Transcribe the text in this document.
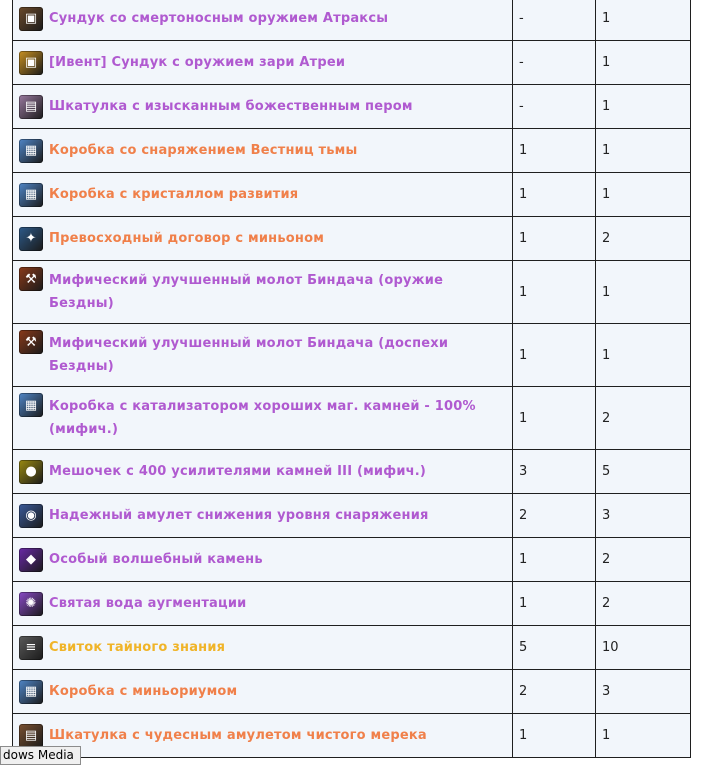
▣ Сундук со смертоносным оружием Атраксы	-	1

▣ [Ивент] Сундук с оружием зари Атреи	-	1

▤ Шкатулка с изысканным божественным пером	-	1

▦ Коробка со снаряжением Вестниц тьмы	1	1

▦ Коробка с кристаллом развития	1	1

✦ Превосходный договор с миньоном	1	2

⚒ Мифический улучшенный молот Биндача (оружие Бездны)	1	1

⚒ Мифический улучшенный молот Биндача (доспехи Бездны)	1	1

▦ Коробка с катализатором хороших маг. камней - 100% (мифич.)	1	2

● Мешочек с 400 усилителями камней III (мифич.)	3	5

◉ Надежный амулет снижения уровня снаряжения	2	3

◆ Особый волшебный камень	1	2

✺ Святая вода аугментации	1	2

≡ Свиток тайного знания	5	10

▦ Коробка с миньориумом	2	3

▤ Шкатулка с чудесным амулетом чистого мерека	1	1
dows Media
